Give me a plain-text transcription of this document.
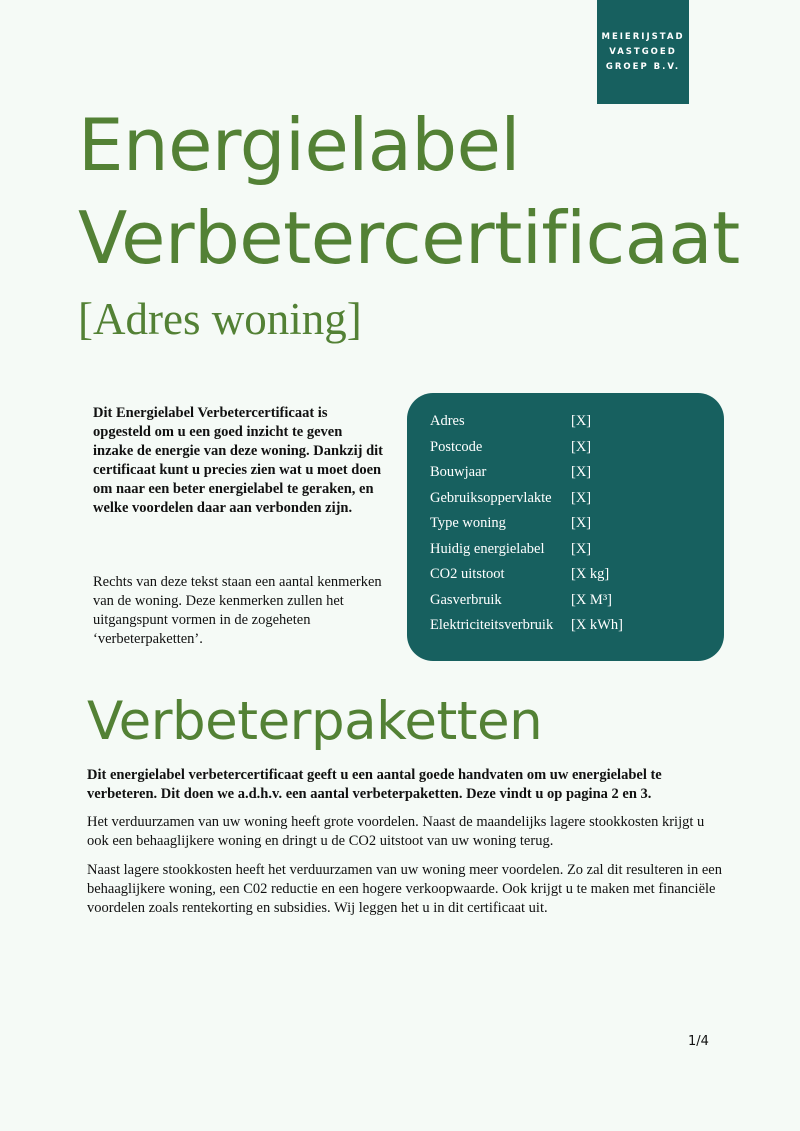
MEIERIJSTAD
VASTGOED
GROEP B.V.
Energielabel
Verbetercertificaat
[Adres woning]

Dit Energielabel Verbetercertificaat is opgesteld om u een goed inzicht te geven inzake de energie van deze woning. Dankzij dit certificaat kunt u precies zien wat u moet doen om naar een beter energielabel te geraken, en welke voordelen daar aan verbonden zijn.

Rechts van deze tekst staan een aantal kenmerken van de woning. Deze kenmerken zullen het uitgangspunt vormen in de zogeheten ‘verbeterpaketten’.

Adres	[X]
Postcode	[X]
Bouwjaar	[X]
Gebruiksoppervlakte	[X]
Type woning	[X]
Huidig energielabel	[X]
CO2 uitstoot	[X kg]
Gasverbruik	[X M³]
Elektriciteitsverbruik	[X kWh]
Verbeterpaketten

Dit energielabel verbetercertificaat geeft u een aantal goede handvaten om uw energielabel te verbeteren. Dit doen we a.d.h.v. een aantal verbeterpaketten. Deze vindt u op pagina 2 en 3.

Het verduurzamen van uw woning heeft grote voordelen. Naast de maandelijks lagere stookkosten krijgt u ook een behaaglijkere woning en dringt u de CO2 uitstoot van uw woning terug.

Naast lagere stookkosten heeft het verduurzamen van uw woning meer voordelen. Zo zal dit resulteren in een behaaglijkere woning, een C02 reductie en een hogere verkoopwaarde. Ook krijgt u te maken met financiële voordelen zoals rentekorting en subsidies. Wij leggen het u in dit certificaat uit.

1/4
